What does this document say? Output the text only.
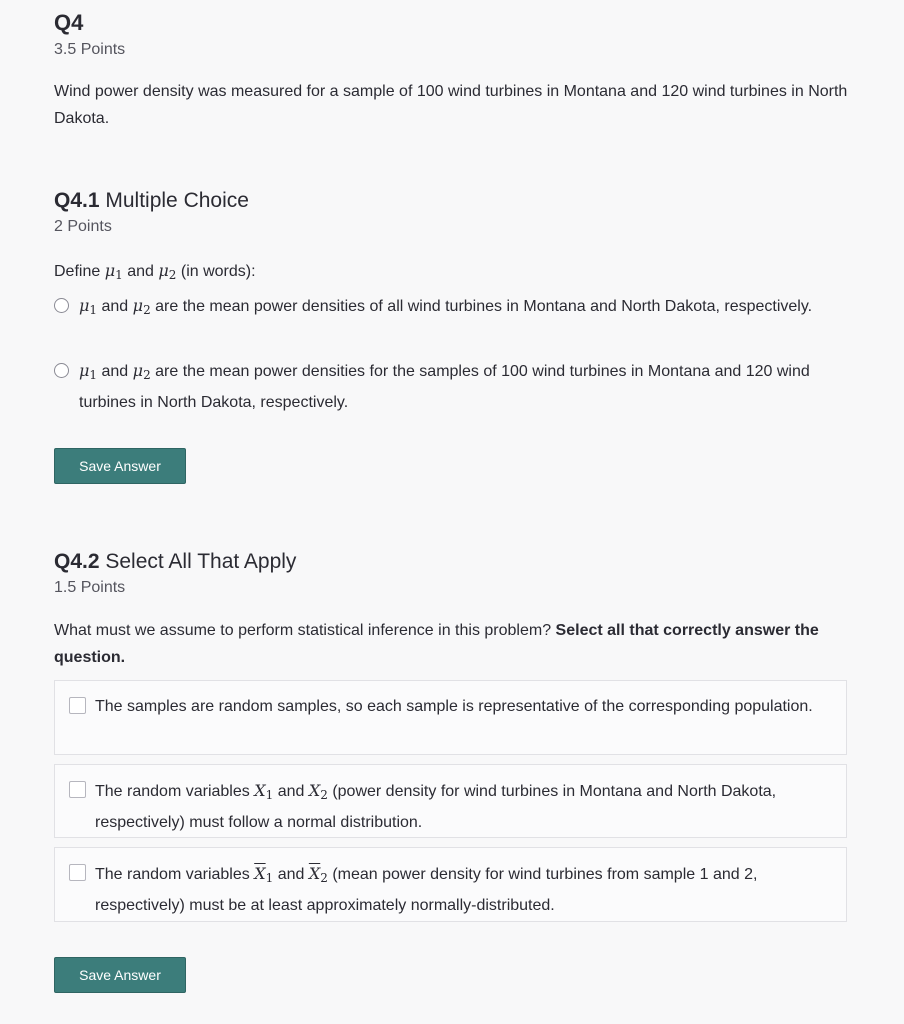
Q4
3.5 Points
Wind power density was measured for a sample of 100 wind turbines in Montana and 120 wind turbines in North Dakota.
Q4.1 Multiple Choice
2 Points
Define $\mu_1$ and $\mu_2$ (in words):
$\mu_1$ and $\mu_2$ are the mean power densities of all wind turbines in Montana and North Dakota, respectively.
$\mu_1$ and $\mu_2$ are the mean power densities for the samples of 100 wind turbines in Montana and 120 wind turbines in North Dakota, respectively.
Save Answer
Q4.2 Select All That Apply
1.5 Points
What must we assume to perform statistical inference in this problem? Select all that correctly answer the question.
The samples are random samples, so each sample is representative of the corresponding population.
The random variables $X_1$ and $X_2$ (power density for wind turbines in Montana and North Dakota, respectively) must follow a normal distribution.
The random variables $\overline{X}_1$ and $\overline{X}_2$ (mean power density for wind turbines from sample 1 and 2, respectively) must be at least approximately normally-distributed.
Save Answer
